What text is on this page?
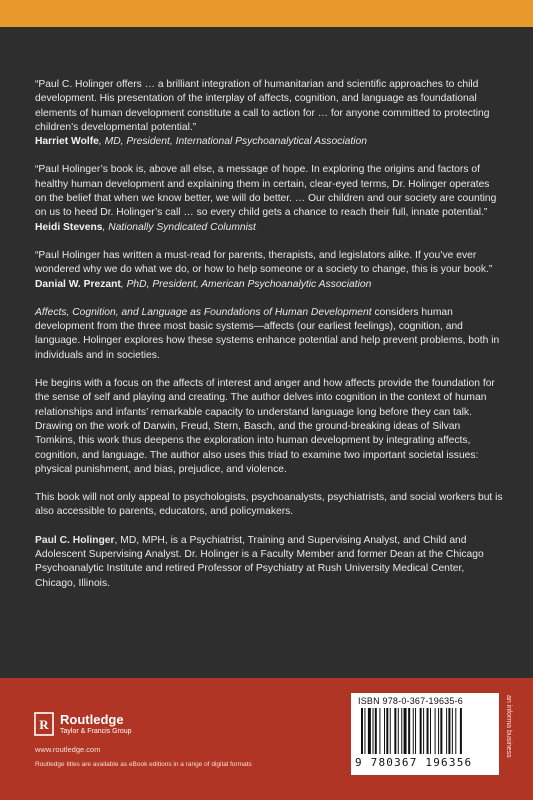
“Paul C. Holinger offers … a brilliant integration of humanitarian and scientific approaches to child development. His presentation of the interplay of affects, cognition, and language as foundational elements of human development constitute a call to action for … for anyone committed to protecting children’s developmental potential.”
Harriet Wolfe, MD, President, International Psychoanalytical Association
“Paul Holinger’s book is, above all else, a message of hope. In exploring the origins and factors of healthy human development and explaining them in certain, clear-eyed terms, Dr. Holinger operates on the belief that when we know better, we will do better. … Our children and our society are counting on us to heed Dr. Holinger’s call … so every child gets a chance to reach their full, innate potential.”
Heidi Stevens, Nationally Syndicated Columnist
“Paul Holinger has written a must-read for parents, therapists, and legislators alike. If you’ve ever wondered why we do what we do, or how to help someone or a society to change, this is your book.”
Danial W. Prezant, PhD, President, American Psychoanalytic Association

Affects, Cognition, and Language as Foundations of Human Development considers human development from the three most basic systems—affects (our earliest feelings), cognition, and language. Holinger explores how these systems enhance potential and help prevent problems, both in individuals and in societies.

He begins with a focus on the affects of interest and anger and how affects provide the foundation for the sense of self and playing and creating. The author delves into cognition in the context of human relationships and infants’ remarkable capacity to understand language long before they can talk. Drawing on the work of Darwin, Freud, Stern, Basch, and the ground-breaking ideas of Silvan Tomkins, this work thus deepens the exploration into human development by integrating affects, cognition, and language. The author also uses this triad to examine two important societal issues: physical punishment, and bias, prejudice, and violence.

This book will not only appeal to psychologists, psychoanalysts, psychiatrists, and social workers but is also accessible to parents, educators, and policymakers.

Paul C. Holinger, MD, MPH, is a Psychiatrist, Training and Supervising Analyst, and Child and Adolescent Supervising Analyst. Dr. Holinger is a Faculty Member and former Dean at the Chicago Psychoanalytic Institute and retired Professor of Psychiatry at Rush University Medical Center, Chicago, Illinois.

R Routledge
Taylor & Francis Group
www.routledge.com
Routledge titles are available as eBook editions in a range of digital formats
ISBN 978-0-367-19635-6
9 780367 196356
an informa business
